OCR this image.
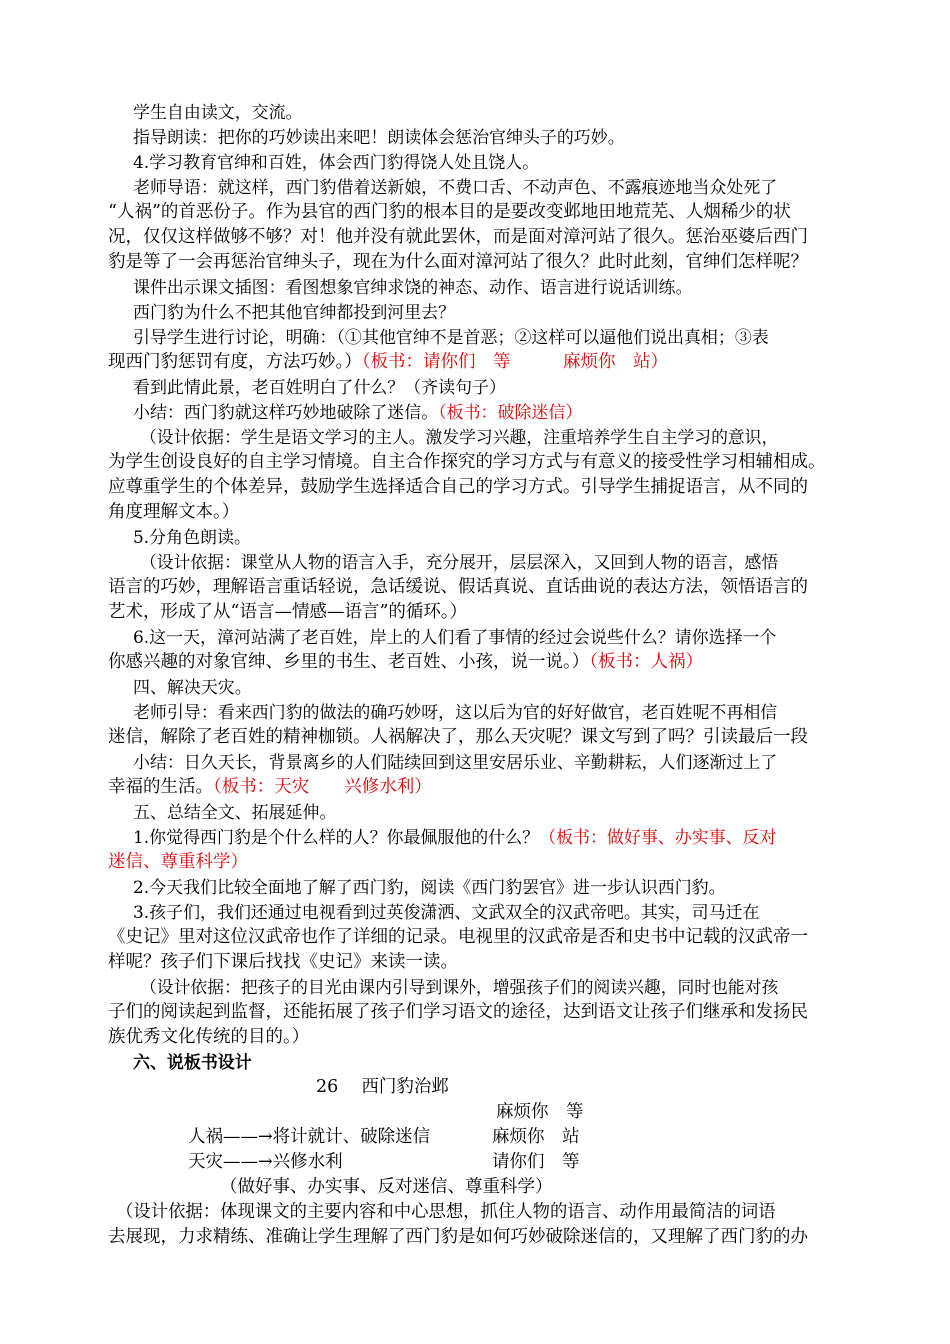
学生自由读文，交流。
指导朗读：把你的巧妙读出来吧！朗读体会惩治官绅头子的巧妙。
4.学习教育官绅和百姓，体会西门豹得饶人处且饶人。
老师导语：就这样，西门豹借着送新娘，不费口舌、不动声色、不露痕迹地当众处死了
“人祸”的首恶份子。作为县官的西门豹的根本目的是要改变邺地田地荒芜、人烟稀少的状
况，仅仅这样做够不够？对！他并没有就此罢休，而是面对漳河站了很久。惩治巫婆后西门
豹是等了一会再惩治官绅头子，现在为什么面对漳河站了很久？此时此刻，官绅们怎样呢？
课件出示课文插图：看图想象官绅求饶的神态、动作、语言进行说话训练。
西门豹为什么不把其他官绅都投到河里去？
引导学生进行讨论，明确：（①其他官绅不是首恶；②这样可以逼他们说出真相；③表
现西门豹惩罚有度，方法巧妙。）（板书：请你们　等　　　麻烦你　站）
看到此情此景，老百姓明白了什么？（齐读句子）
小结：西门豹就这样巧妙地破除了迷信。（板书：破除迷信）
（设计依据：学生是语文学习的主人。激发学习兴趣，注重培养学生自主学习的意识，
为学生创设良好的自主学习情境。自主合作探究的学习方式与有意义的接受性学习相辅相成。
应尊重学生的个体差异，鼓励学生选择适合自己的学习方式。引导学生捕捉语言，从不同的
角度理解文本。）
5.分角色朗读。
（设计依据：课堂从人物的语言入手，充分展开，层层深入，又回到人物的语言，感悟
语言的巧妙，理解语言重话轻说，急话缓说、假话真说、直话曲说的表达方法，领悟语言的
艺术，形成了从“语言—情感—语言”的循环。）
6.这一天，漳河站满了老百姓，岸上的人们看了事情的经过会说些什么？请你选择一个
你感兴趣的对象官绅、乡里的书生、老百姓、小孩，说一说。）（板书：人祸）
四、解决天灾。
老师引导：看来西门豹的做法的确巧妙呀，这以后为官的好好做官，老百姓呢不再相信
迷信，解除了老百姓的精神枷锁。人祸解决了，那么天灾呢？课文写到了吗？引读最后一段
小结：日久天长，背景离乡的人们陆续回到这里安居乐业、辛勤耕耘，人们逐渐过上了
幸福的生活。（板书：天灾　　兴修水利）
五、总结全文、拓展延伸。
1.你觉得西门豹是个什么样的人？你最佩服他的什么？（板书：做好事、办实事、反对
迷信、尊重科学）
2.今天我们比较全面地了解了西门豹，阅读《西门豹罢官》进一步认识西门豹。
3.孩子们，我们还通过电视看到过英俊潇洒、文武双全的汉武帝吧。其实，司马迁在
《史记》里对这位汉武帝也作了详细的记录。电视里的汉武帝是否和史书中记载的汉武帝一
样呢？孩子们下课后找找《史记》来读一读。
（设计依据：把孩子的目光由课内引导到课外，增强孩子们的阅读兴趣，同时也能对孩
子们的阅读起到监督，还能拓展了孩子们学习语文的途径，达到语文让孩子们继承和发扬民
族优秀文化传统的目的。）
六、说板书设计
26　 西门豹治邺
麻烦你　等
人祸——→将计就计、破除迷信	麻烦你　站
天灾——→兴修水利	请你们　等
（做好事、办实事、反对迷信、尊重科学）
（设计依据：体现课文的主要内容和中心思想，抓住人物的语言、动作用最简洁的词语
去展现，力求精练、准确让学生理解了西门豹是如何巧妙破除迷信的，又理解了西门豹的办
